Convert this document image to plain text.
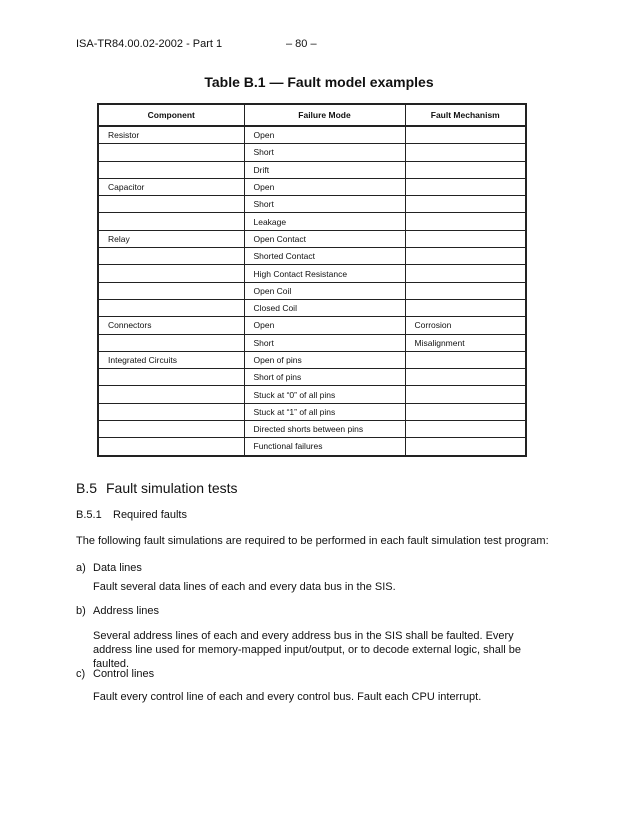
ISA-TR84.00.02-2002 - Part 1	– 80 –
Table B.1 — Fault model examples
Component	Failure Mode	Fault Mechanism
Resistor	Open	
	Short	
	Drift	
Capacitor	Open	
	Short	
	Leakage	
Relay	Open Contact	
	Shorted Contact	
	High Contact Resistance	
	Open Coil	
	Closed Coil	
Connectors	Open	Corrosion
	Short	Misalignment
Integrated Circuits	Open of pins	
	Short of pins	
	Stuck at “0” of all pins	
	Stuck at “1” of all pins	
	Directed shorts between pins	
	Functional failures	
B.5 Fault simulation tests
B.5.1 Required faults
The following fault simulations are required to be performed in each fault simulation test program:
a) Data lines
Fault several data lines of each and every data bus in the SIS.
b) Address lines
Several address lines of each and every address bus in the SIS shall be faulted. Every address line used for memory-mapped input/output, or to decode external logic, shall be faulted.
c) Control lines
Fault every control line of each and every control bus. Fault each CPU interrupt.
